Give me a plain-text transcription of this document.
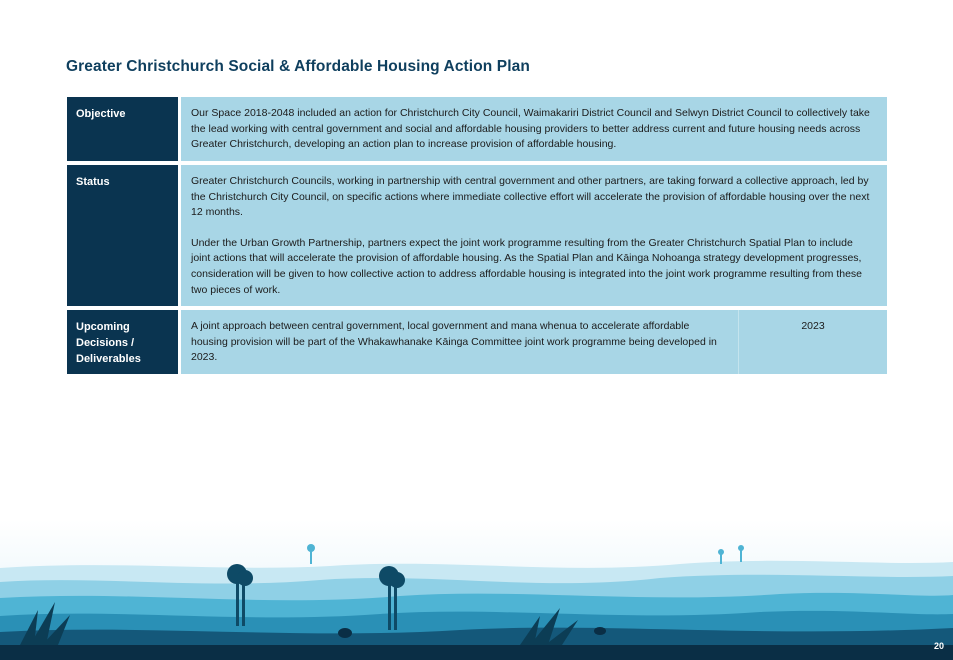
Greater Christchurch Social & Affordable Housing Action Plan
Objective	Our Space 2018-2048 included an action for Christchurch City Council, Waimakariri District Council and Selwyn District Council to collectively take the lead working with central government and social and affordable housing providers to better address current and future housing needs across Greater Christchurch, developing an action plan to increase provision of affordable housing.

Status	Greater Christchurch Councils, working in partnership with central government and other partners, are taking forward a collective approach, led by the Christchurch City Council, on specific actions where immediate collective effort will accelerate the provision of affordable housing over the next 12 months.

Under the Urban Growth Partnership, partners expect the joint work programme resulting from the Greater Christchurch Spatial Plan to include joint actions that will accelerate the provision of affordable housing. As the Spatial Plan and Kāinga Nohoanga strategy development progresses, consideration will be given to how collective action to address affordable housing is integrated into the joint work programme resulting from these two pieces of work.

Upcoming Decisions / Deliverables
A joint approach between central government, local government and mana whenua to accelerate affordable housing provision will be part of the Whakawhanake Kāinga Committee joint work programme being developed in 2023.
2023
20
